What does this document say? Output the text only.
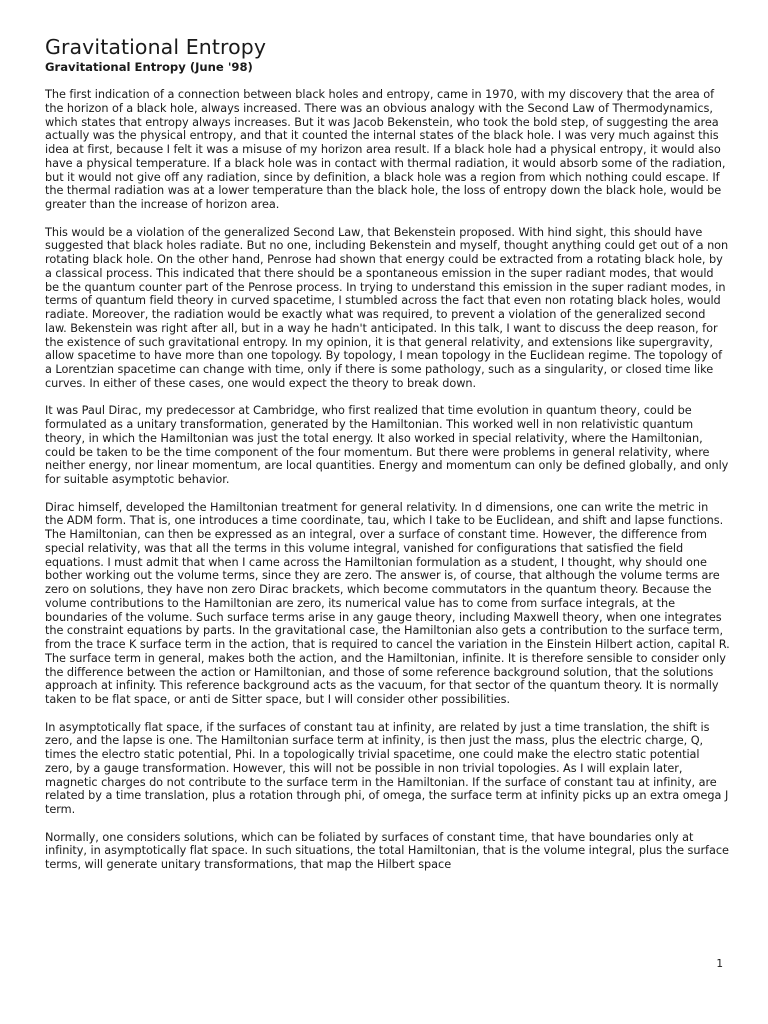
Gravitational Entropy
Gravitational Entropy (June '98)

The first indication of a connection between black holes and entropy, came in 1970, with my discovery that the area of the horizon of a black hole, always increased. There was an obvious analogy with the Second Law of Thermodynamics, which states that entropy always increases. But it was Jacob Bekenstein, who took the bold step, of suggesting the area actually was the physical entropy, and that it counted the internal states of the black hole. I was very much against this idea at first, because I felt it was a misuse of my horizon area result. If a black hole had a physical entropy, it would also have a physical temperature. If a black hole was in contact with thermal radiation, it would absorb some of the radiation, but it would not give off any radiation, since by definition, a black hole was a region from which nothing could escape. If the thermal radiation was at a lower temperature than the black hole, the loss of entropy down the black hole, would be greater than the increase of horizon area.

This would be a violation of the generalized Second Law, that Bekenstein proposed. With hind sight, this should have suggested that black holes radiate. But no one, including Bekenstein and myself, thought anything could get out of a non rotating black hole. On the other hand, Penrose had shown that energy could be extracted from a rotating black hole, by a classical process. This indicated that there should be a spontaneous emission in the super radiant modes, that would be the quantum counter part of the Penrose process. In trying to understand this emission in the super radiant modes, in terms of quantum field theory in curved spacetime, I stumbled across the fact that even non rotating black holes, would radiate. Moreover, the radiation would be exactly what was required, to prevent a violation of the generalized second law. Bekenstein was right after all, but in a way he hadn't anticipated. In this talk, I want to discuss the deep reason, for the existence of such gravitational entropy. In my opinion, it is that general relativity, and extensions like supergravity, allow spacetime to have more than one topology. By topology, I mean topology in the Euclidean regime. The topology of a Lorentzian spacetime can change with time, only if there is some pathology, such as a singularity, or closed time like curves. In either of these cases, one would expect the theory to break down.

It was Paul Dirac, my predecessor at Cambridge, who first realized that time evolution in quantum theory, could be formulated as a unitary transformation, generated by the Hamiltonian. This worked well in non relativistic quantum theory, in which the Hamiltonian was just the total energy. It also worked in special relativity, where the Hamiltonian, could be taken to be the time component of the four momentum. But there were problems in general relativity, where neither energy, nor linear momentum, are local quantities. Energy and momentum can only be defined globally, and only for suitable asymptotic behavior.

Dirac himself, developed the Hamiltonian treatment for general relativity. In d dimensions, one can write the metric in the ADM form. That is, one introduces a time coordinate, tau, which I take to be Euclidean, and shift and lapse functions. The Hamiltonian, can then be expressed as an integral, over a surface of constant time. However, the difference from special relativity, was that all the terms in this volume integral, vanished for configurations that satisfied the field equations. I must admit that when I came across the Hamiltonian formulation as a student, I thought, why should one bother working out the volume terms, since they are zero. The answer is, of course, that although the volume terms are zero on solutions, they have non zero Dirac brackets, which become commutators in the quantum theory. Because the volume contributions to the Hamiltonian are zero, its numerical value has to come from surface integrals, at the boundaries of the volume. Such surface terms arise in any gauge theory, including Maxwell theory, when one integrates the constraint equations by parts. In the gravitational case, the Hamiltonian also gets a contribution to the surface term, from the trace K surface term in the action, that is required to cancel the variation in the Einstein Hilbert action, capital R. The surface term in general, makes both the action, and the Hamiltonian, infinite. It is therefore sensible to consider only the difference between the action or Hamiltonian, and those of some reference background solution, that the solutions approach at infinity. This reference background acts as the vacuum, for that sector of the quantum theory. It is normally taken to be flat space, or anti de Sitter space, but I will consider other possibilities.

In asymptotically flat space, if the surfaces of constant tau at infinity, are related by just a time translation, the shift is zero, and the lapse is one. The Hamiltonian surface term at infinity, is then just the mass, plus the electric charge, Q, times the electro static potential, Phi. In a topologically trivial spacetime, one could make the electro static potential zero, by a gauge transformation. However, this will not be possible in non trivial topologies. As I will explain later, magnetic charges do not contribute to the surface term in the Hamiltonian. If the surface of constant tau at infinity, are related by a time translation, plus a rotation through phi, of omega, the surface term at infinity picks up an extra omega J term.

Normally, one considers solutions, which can be foliated by surfaces of constant time, that have boundaries only at infinity, in asymptotically flat space. In such situations, the total Hamiltonian, that is the volume integral, plus the surface terms, will generate unitary transformations, that map the Hilbert space

1
